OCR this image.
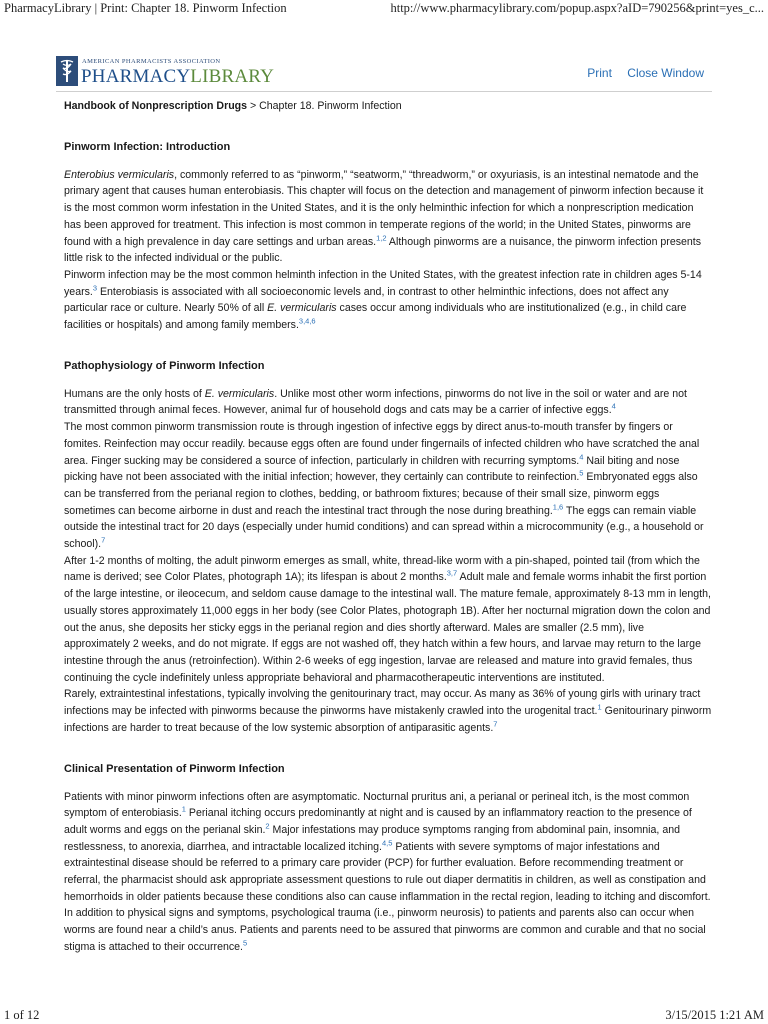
PharmacyLibrary | Print: Chapter 18. Pinworm Infection	http://www.pharmacylibrary.com/popup.aspx?aID=790256&print=yes_c...
AMERICAN PHARMACISTS ASSOCIATION
PHARMACYLIBRARY	Print Close Window

Handbook of Nonprescription Drugs > Chapter 18. Pinworm Infection

Pinworm Infection: Introduction

Enterobius vermicularis, commonly referred to as “pinworm,” “seatworm,” “threadworm,” or oxyuriasis, is an intestinal nematode and the primary agent that causes human enterobiasis. This chapter will focus on the detection and management of pinworm infection because it is the most common worm infestation in the United States, and it is the only helminthic infection for which a nonprescription medication has been approved for treatment. This infection is most common in temperate regions of the world; in the United States, pinworms are found with a high prevalence in day care settings and urban areas.$^{1,2}$ Although pinworms are a nuisance, the pinworm infection presents little risk to the infected individual or the public.

Pinworm infection may be the most common helminth infection in the United States, with the greatest infection rate in children ages 5-14 years.$^3$ Enterobiasis is associated with all socioeconomic levels and, in contrast to other helminthic infections, does not affect any particular race or culture. Nearly 50% of all E. vermicularis cases occur among individuals who are institutionalized (e.g., in child care facilities or hospitals) and among family members.$^{3,4,6}$

Pathophysiology of Pinworm Infection

Humans are the only hosts of E. vermicularis. Unlike most other worm infections, pinworms do not live in the soil or water and are not transmitted through animal feces. However, animal fur of household dogs and cats may be a carrier of infective eggs.$^4$

The most common pinworm transmission route is through ingestion of infective eggs by direct anus-to-mouth transfer by fingers or fomites. Reinfection may occur readily. because eggs often are found under fingernails of infected children who have scratched the anal area. Finger sucking may be considered a source of infection, particularly in children with recurring symptoms.$^4$ Nail biting and nose picking have not been associated with the initial infection; however, they certainly can contribute to reinfection.$^5$ Embryonated eggs also can be transferred from the perianal region to clothes, bedding, or bathroom fixtures; because of their small size, pinworm eggs sometimes can become airborne in dust and reach the intestinal tract through the nose during breathing.$^{1,6}$ The eggs can remain viable outside the intestinal tract for 20 days (especially under humid conditions) and can spread within a microcommunity (e.g., a household or school).$^7$

After 1-2 months of molting, the adult pinworm emerges as small, white, thread-like worm with a pin-shaped, pointed tail (from which the name is derived; see Color Plates, photograph 1A); its lifespan is about 2 months.$^{3,7}$ Adult male and female worms inhabit the first portion of the large intestine, or ileocecum, and seldom cause damage to the intestinal wall. The mature female, approximately 8-13 mm in length, usually stores approximately 11,000 eggs in her body (see Color Plates, photograph 1B). After her nocturnal migration down the colon and out the anus, she deposits her sticky eggs in the perianal region and dies shortly afterward. Males are smaller (2.5 mm), live approximately 2 weeks, and do not migrate. If eggs are not washed off, they hatch within a few hours, and larvae may return to the large intestine through the anus (retroinfection). Within 2-6 weeks of egg ingestion, larvae are released and mature into gravid females, thus continuing the cycle indefinitely unless appropriate behavioral and pharmacotherapeutic interventions are instituted.

Rarely, extraintestinal infestations, typically involving the genitourinary tract, may occur. As many as 36% of young girls with urinary tract infections may be infected with pinworms because the pinworms have mistakenly crawled into the urogenital tract.$^1$ Genitourinary pinworm infections are harder to treat because of the low systemic absorption of antiparasitic agents.$^7$

Clinical Presentation of Pinworm Infection

Patients with minor pinworm infections often are asymptomatic. Nocturnal pruritus ani, a perianal or perineal itch, is the most common symptom of enterobiasis.$^1$ Perianal itching occurs predominantly at night and is caused by an inflammatory reaction to the presence of adult worms and eggs on the perianal skin.$^2$ Major infestations may produce symptoms ranging from abdominal pain, insomnia, and restlessness, to anorexia, diarrhea, and intractable localized itching.$^{4,5}$ Patients with severe symptoms of major infestations and extraintestinal disease should be referred to a primary care provider (PCP) for further evaluation. Before recommending treatment or referral, the pharmacist should ask appropriate assessment questions to rule out diaper dermatitis in children, as well as constipation and hemorrhoids in older patients because these conditions also can cause inflammation in the rectal region, leading to itching and discomfort.

In addition to physical signs and symptoms, psychological trauma (i.e., pinworm neurosis) to patients and parents also can occur when worms are found near a child’s anus. Patients and parents need to be assured that pinworms are common and curable and that no social stigma is attached to their occurrence.$^5$

1 of 12	3/15/2015 1:21 AM
